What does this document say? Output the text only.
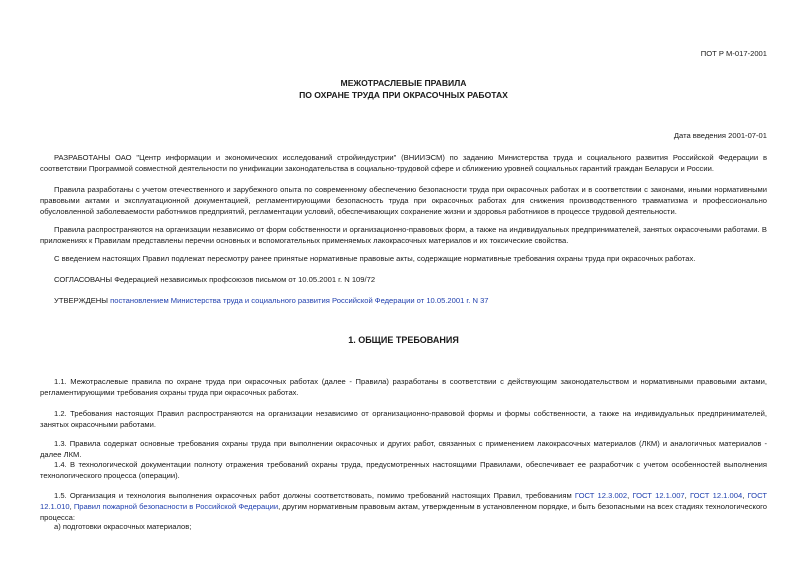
ПОТ Р М-017-2001
МЕЖОТРАСЛЕВЫЕ ПРАВИЛА
ПО ОХРАНЕ ТРУДА ПРИ ОКРАСОЧНЫХ РАБОТАХ
Дата введения 2001-07-01

РАЗРАБОТАНЫ ОАО "Центр информации и экономических исследований стройиндустрии" (ВНИИЭСМ) по заданию Министерства труда и социального развития Российской Федерации в соответствии Программой совместной деятельности по унификации законодательства в социально-трудовой сфере и сближению уровней социальных гарантий граждан Беларуси и России.

Правила разработаны с учетом отечественного и зарубежного опыта по современному обеспечению безопасности труда при окрасочных работах и в соответствии с законами, иными нормативными правовыми актами и эксплуатационной документацией, регламентирующими безопасность труда при окрасочных работах для снижения производственного травматизма и профессионально обусловленной заболеваемости работников предприятий, регламентации условий, обеспечивающих сохранение жизни и здоровья работников в процессе трудовой деятельности.

Правила распространяются на организации независимо от форм собственности и организационно-правовых форм, а также на индивидуальных предпринимателей, занятых окрасочными работами. В приложениях к Правилам представлены перечни основных и вспомогательных применяемых лакокрасочных материалов и их токсические свойства.

С введением настоящих Правил подлежат пересмотру ранее принятые нормативные правовые акты, содержащие нормативные требования охраны труда при окрасочных работах.

СОГЛАСОВАНЫ Федерацией независимых профсоюзов письмом от 10.05.2001 г. N 109/72

УТВЕРЖДЕНЫ постановлением Министерства труда и социального развития Российской Федерации от 10.05.2001 г. N 37

1. ОБЩИЕ ТРЕБОВАНИЯ

1.1. Межотраслевые правила по охране труда при окрасочных работах (далее - Правила) разработаны в соответствии с действующим законодательством и нормативными правовыми актами, регламентирующими требования охраны труда при окрасочных работах.

1.2. Требования настоящих Правил распространяются на организации независимо от организационно-правовой формы и формы собственности, а также на индивидуальных предпринимателей, занятых окрасочными работами.

1.3. Правила содержат основные требования охраны труда при выполнении окрасочных и других работ, связанных с применением лакокрасочных материалов (ЛКМ) и аналогичных материалов - далее ЛКМ.

1.4. В технологической документации полноту отражения требований охраны труда, предусмотренных настоящими Правилами, обеспечивает ее разработчик с учетом особенностей выполнения технологического процесса (операции).

1.5. Организация и технология выполнения окрасочных работ должны соответствовать, помимо требований настоящих Правил, требованиям ГОСТ 12.3.002, ГОСТ 12.1.007, ГОСТ 12.1.004, ГОСТ 12.1.010, Правил пожарной безопасности в Российской Федерации, другим нормативным правовым актам, утвержденным в установленном порядке, и быть безопасными на всех стадиях технологического процесса:

а) подготовки окрасочных материалов;
